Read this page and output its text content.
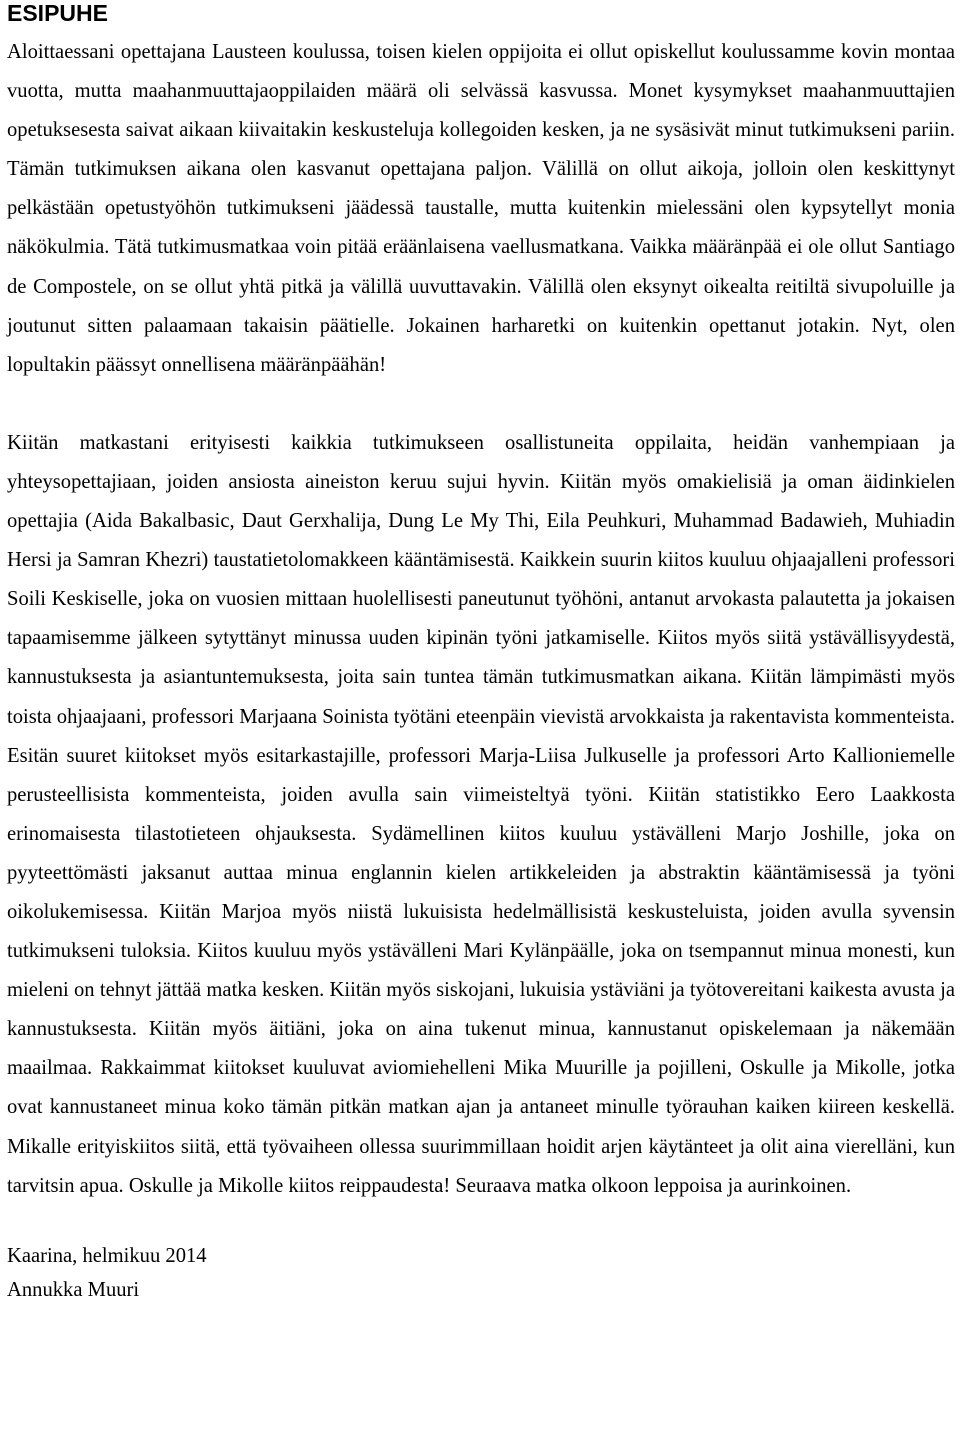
ESIPUHE

Aloittaessani opettajana Lausteen koulussa, toisen kielen oppijoita ei ollut opiskellut koulussamme kovin montaa vuotta, mutta maahanmuuttajaoppilaiden määrä oli selvässä kasvussa. Monet kysymykset maahanmuuttajien opetuksesesta saivat aikaan kiivaitakin keskusteluja kollegoiden kesken, ja ne sysäsivät minut tutkimukseni pariin. Tämän tutkimuksen aikana olen kasvanut opettajana paljon. Välillä on ollut aikoja, jolloin olen keskittynyt pelkästään opetustyöhön tutkimukseni jäädessä taustalle, mutta kuitenkin mielessäni olen kypsytellyt monia näkökulmia. Tätä tutkimusmatkaa voin pitää eräänlaisena vaellusmatkana. Vaikka määränpää ei ole ollut Santiago de Compostele, on se ollut yhtä pitkä ja välillä uuvuttavakin. Välillä olen eksynyt oikealta reitiltä sivupoluille ja joutunut sitten palaamaan takaisin päätielle. Jokainen harharetki on kuitenkin opettanut jotakin. Nyt, olen lopultakin päässyt onnellisena määränpäähän!

Kiitän matkastani erityisesti kaikkia tutkimukseen osallistuneita oppilaita, heidän vanhempiaan ja yhteysopettajiaan, joiden ansiosta aineiston keruu sujui hyvin. Kiitän myös omakielisiä ja oman äidinkielen opettajia (Aida Bakalbasic, Daut Gerxhalija, Dung Le My Thi, Eila Peuhkuri, Muhammad Badawieh, Muhiadin Hersi ja Samran Khezri) taustatietolomakkeen kääntämisestä. Kaikkein suurin kiitos kuuluu ohjaajalleni professori Soili Keskiselle, joka on vuosien mittaan huolellisesti paneutunut työhöni, antanut arvokasta palautetta ja jokaisen tapaamisemme jälkeen sytyttänyt minussa uuden kipinän työni jatkamiselle. Kiitos myös siitä ystävällisyydestä, kannustuksesta ja asiantuntemuksesta, joita sain tuntea tämän tutkimusmatkan aikana. Kiitän lämpimästi myös toista ohjaajaani, professori Marjaana Soinista työtäni eteenpäin vievistä arvokkaista ja rakentavista kommenteista. Esitän suuret kiitokset myös esitarkastajille, professori Marja-Liisa Julkuselle ja professori Arto Kallioniemelle perusteellisista kommenteista, joiden avulla sain viimeisteltyä työni. Kiitän statistikko Eero Laakkosta erinomaisesta tilastotieteen ohjauksesta. Sydämellinen kiitos kuuluu ystävälleni Marjo Joshille, joka on pyyteettömästi jaksanut auttaa minua englannin kielen artikkeleiden ja abstraktin kääntämisessä ja työni oikolukemisessa. Kiitän Marjoa myös niistä lukuisista hedelmällisistä keskusteluista, joiden avulla syvensin tutkimukseni tuloksia. Kiitos kuuluu myös ystävälleni Mari Kylänpäälle, joka on tsempannut minua monesti, kun mieleni on tehnyt jättää matka kesken. Kiitän myös siskojani, lukuisia ystäviäni ja työtovereitani kaikesta avusta ja kannustuksesta. Kiitän myös äitiäni, joka on aina tukenut minua, kannustanut opiskelemaan ja näkemään maailmaa. Rakkaimmat kiitokset kuuluvat aviomiehelleni Mika Muurille ja pojilleni, Oskulle ja Mikolle, jotka ovat kannustaneet minua koko tämän pitkän matkan ajan ja antaneet minulle työrauhan kaiken kiireen keskellä. Mikalle erityiskiitos siitä, että työvaiheen ollessa suurimmillaan hoidit arjen käytänteet ja olit aina vierelläni, kun tarvitsin apua. Oskulle ja Mikolle kiitos reippaudesta! Seuraava matka olkoon leppoisa ja aurinkoinen.

Kaarina, helmikuu 2014

Annukka Muuri
